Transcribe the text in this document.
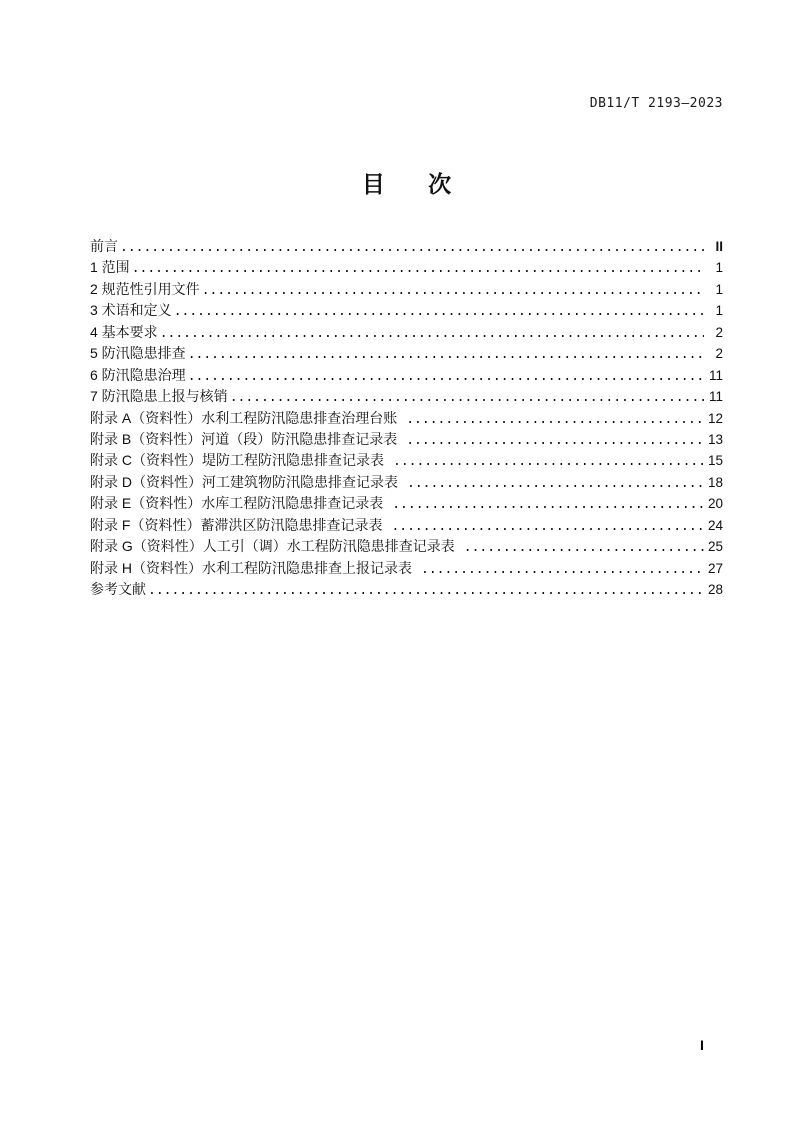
DB11/T 2193—2023
目 次
前言 .....	II
1 范围 .....	1
2 规范性引用文件 .....	1
3 术语和定义 .....	1
4 基本要求 .....	2
5 防汛隐患排查 .....	2
6 防汛隐患治理 .....	11
7 防汛隐患上报与核销 .....	11
附录 A（资料性）水利工程防汛隐患排查治理台账 .....	12
附录 B（资料性）河道（段）防汛隐患排查记录表 .....	13
附录 C（资料性）堤防工程防汛隐患排查记录表 .....	15
附录 D（资料性）河工建筑物防汛隐患排查记录表 .....	18
附录 E（资料性）水库工程防汛隐患排查记录表 .....	20
附录 F（资料性）蓄滞洪区防汛隐患排查记录表 .....	24
附录 G（资料性）人工引（调）水工程防汛隐患排查记录表 .....	25
附录 H（资料性）水利工程防汛隐患排查上报记录表 .....	27
参考文献 .....	28
I
